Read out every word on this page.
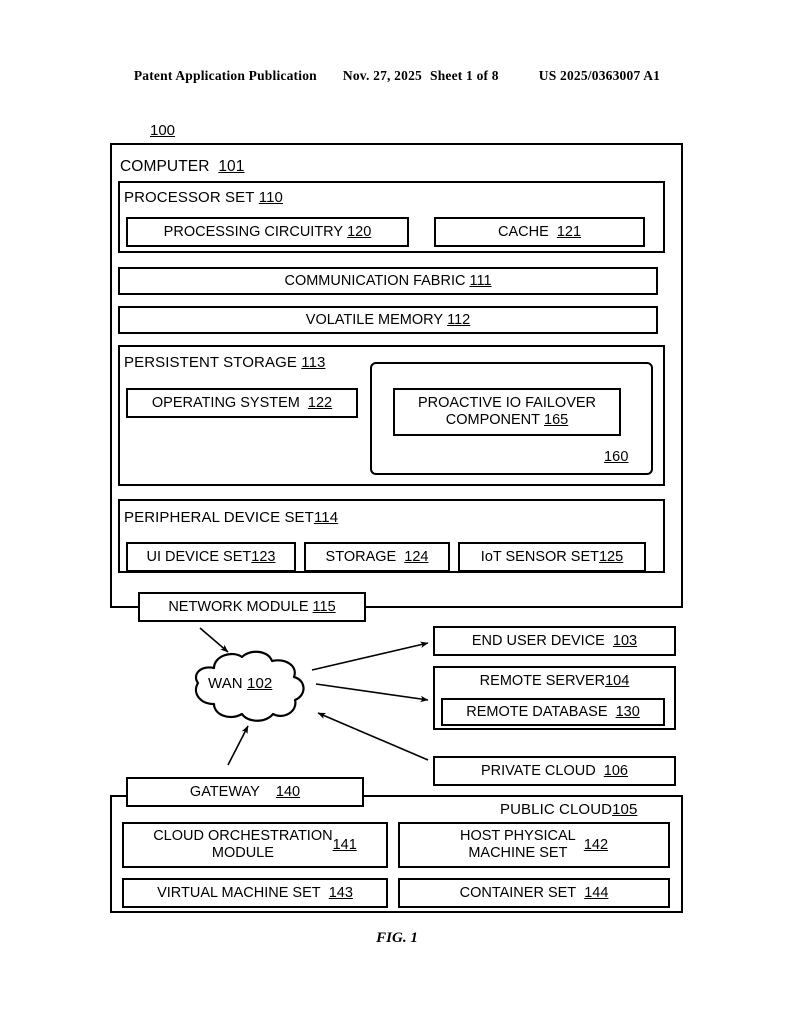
Patent Application Publication Nov. 27, 2025 Sheet 1 of 8	US 2025/0363007 A1
100
COMPUTER 101
PROCESSOR SET 110
PROCESSING CIRCUITRY
120	CACHE
121
COMMUNICATION FABRIC
111
VOLATILE MEMORY
112
PERSISTENT STORAGE 113
OPERATING SYSTEM
122	PROACTIVE IO FAILOVER
COMPONENT 165
160
PERIPHERAL DEVICE SET114
UI DEVICE SET 123	STORAGE
124	IoT SENSOR SET 125
NETWORK MODULE
115
END USER DEVICE
103
REMOTE SERVER 104
REMOTE DATABASE
130
PRIVATE CLOUD
106
PUBLIC CLOUD105
CLOUD ORCHESTRATION
MODULE	141
HOST PHYSICAL
MACHINE SET
	142
VIRTUAL MACHINE SET
143	CONTAINER SET
144
GATEWAY
140
WAN 102
FIG. 1
